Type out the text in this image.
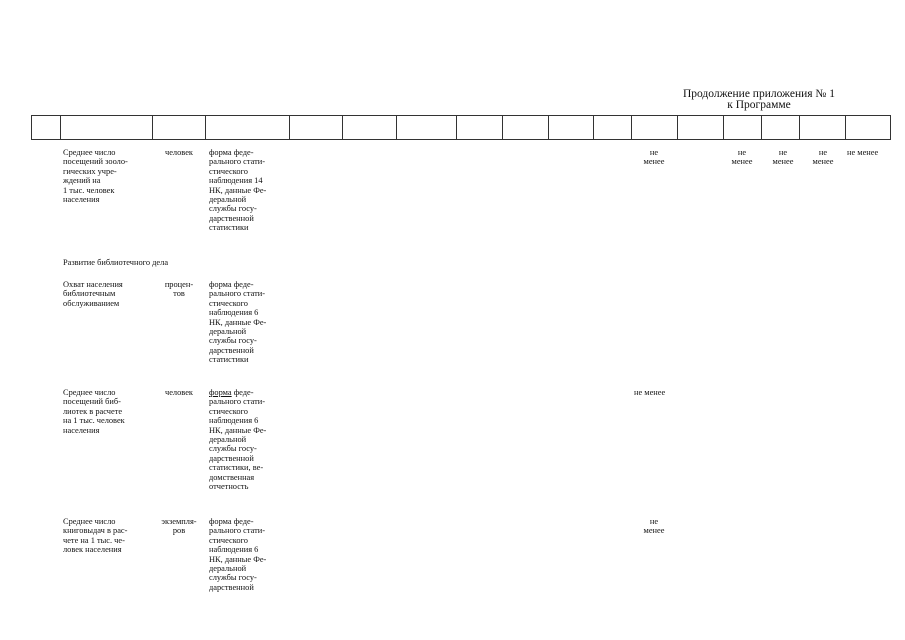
Продолжение приложения № 1
к Программе
Среднее число
посещений зооло-
гических учре-
ждений на
1 тыс. человек
населения
человек	форма феде-
рального стати-
стического
наблюдения 14
НК, данные Фе-
деральной
службы госу-
дарственной
статистики
не
менее
не
менее
не
менее
не
менее
не менее
Развитие библиотечного дела
Охват населения
библиотечным
обслуживанием
процен-
тов
форма феде-
рального стати-
стического
наблюдения 6
НК, данные Фе-
деральной
службы госу-
дарственной
статистики
Среднее число
посещений биб-
лиотек в расчете
на 1 тыс. человек
населения
человек	форма феде-
рального стати-
стического
наблюдения 6
НК, данные Фе-
деральной
службы госу-
дарственной
статистики, ве-
домственная
отчетность
не менее
Среднее число
книговыдач в рас-
чете на 1 тыс. че-
ловек населения
экземпля-
ров
форма феде-
рального стати-
стического
наблюдения 6
НК, данные Фе-
деральной
службы госу-
дарственной
не
менее
